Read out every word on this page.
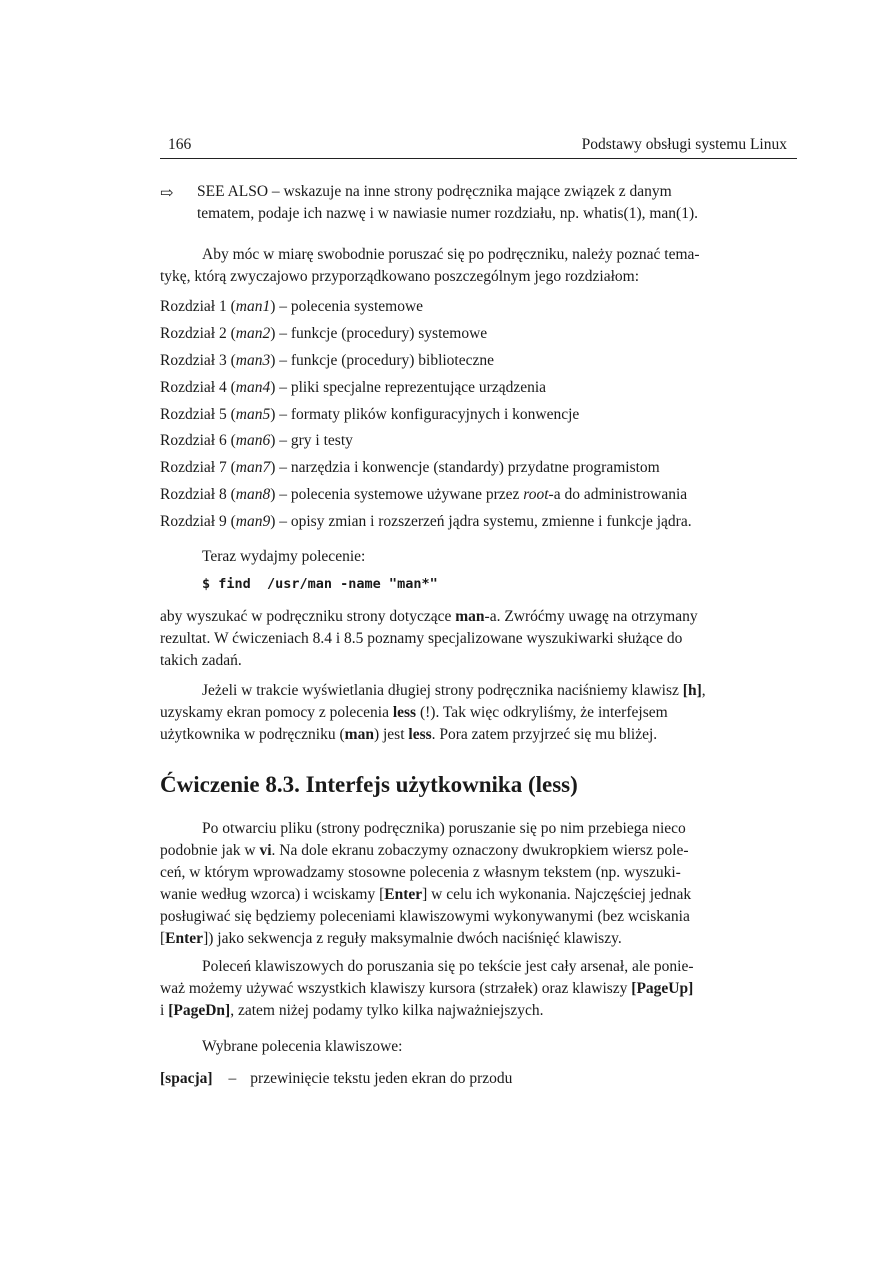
166	Podstawy obsługi systemu Linux
⇨ SEE ALSO – wskazuje na inne strony podręcznika mające związek z danym
tematem, podaje ich nazwę i w nawiasie numer rozdziału, np. whatis(1), man(1).
Aby móc w miarę swobodnie poruszać się po podręczniku, należy poznać tema-
tykę, którą zwyczajowo przyporządkowano poszczególnym jego rozdziałom:
Rozdział 1 (man1) – polecenia systemowe
Rozdział 2 (man2) – funkcje (procedury) systemowe
Rozdział 3 (man3) – funkcje (procedury) biblioteczne
Rozdział 4 (man4) – pliki specjalne reprezentujące urządzenia
Rozdział 5 (man5) – formaty plików konfiguracyjnych i konwencje
Rozdział 6 (man6) – gry i testy
Rozdział 7 (man7) – narzędzia i konwencje (standardy) przydatne programistom
Rozdział 8 (man8) – polecenia systemowe używane przez root-a do administrowania
Rozdział 9 (man9) – opisy zmian i rozszerzeń jądra systemu, zmienne i funkcje jądra.
Teraz wydajmy polecenie:
$ find  /usr/man -name "man*"
aby wyszukać w podręczniku strony dotyczące man-a. Zwróćmy uwagę na otrzymany
rezultat. W ćwiczeniach 8.4 i 8.5 poznamy specjalizowane wyszukiwarki służące do
takich zadań.
Jeżeli w trakcie wyświetlania długiej strony podręcznika naciśniemy klawisz [h],
uzyskamy ekran pomocy z polecenia less (!). Tak więc odkryliśmy, że interfejsem
użytkownika w podręczniku (man) jest less. Pora zatem przyjrzeć się mu bliżej.
Ćwiczenie 8.3. Interfejs użytkownika (less)
Po otwarciu pliku (strony podręcznika) poruszanie się po nim przebiega nieco
podobnie jak w vi. Na dole ekranu zobaczymy oznaczony dwukropkiem wiersz pole-
ceń, w którym wprowadzamy stosowne polecenia z własnym tekstem (np. wyszuki-
wanie według wzorca) i wciskamy [Enter] w celu ich wykonania. Najczęściej jednak
posługiwać się będziemy poleceniami klawiszowymi wykonywanymi (bez wciskania
[Enter]) jako sekwencja z reguły maksymalnie dwóch naciśnięć klawiszy.
Poleceń klawiszowych do poruszania się po tekście jest cały arsenał, ale ponie-
waż możemy używać wszystkich klawiszy kursora (strzałek) oraz klawiszy [PageUp]
i [PageDn], zatem niżej podamy tylko kilka najważniejszych.
Wybrane polecenia klawiszowe:
[spacja] – przewinięcie tekstu jeden ekran do przodu
